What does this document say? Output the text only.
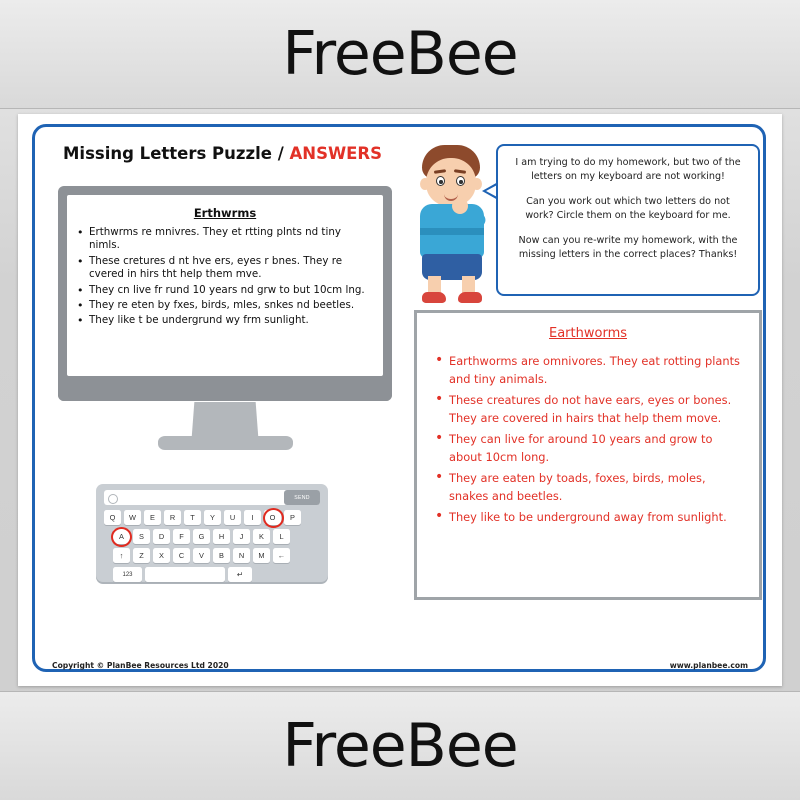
FreeBee
Missing Letters Puzzle / ANSWERS
Erthwrms
• Erthwrms re mnivres. They et rtting plnts nd tiny nimls.
• These cretures d nt hve ers, eyes r bnes. They re cvered in hirs tht help them mve.
• They cn live fr rund 10 years nd grw to but 10cm lng.
• They re eten by fxes, birds, mles, snkes nd beetles.
• They like t be undergrund wy frm sunlight.
SEND
Q	W	E	R	T	Y	U	I	O	P
A	S	D	F	G	H	J	K	L
↑	Z	X	C	V	B	N	M	←
123	↵

I am trying to do my homework, but two of the letters on my keyboard are not working!

Can you work out which two letters do not work? Circle them on the keyboard for me.

Now can you re-write my homework, with the missing letters in the correct places? Thanks!

Earthworms
• Earthworms are omnivores. They eat rotting plants and tiny animals.
• These creatures do not have ears, eyes or bones. They are covered in hairs that help them move.
• They can live for around 10 years and grow to about 10cm long.
• They are eaten by toads, foxes, birds, moles, snakes and beetles.
• They like to be underground away from sunlight.
Copyright © PlanBee Resources Ltd 2020	www.planbee.com
FreeBee
